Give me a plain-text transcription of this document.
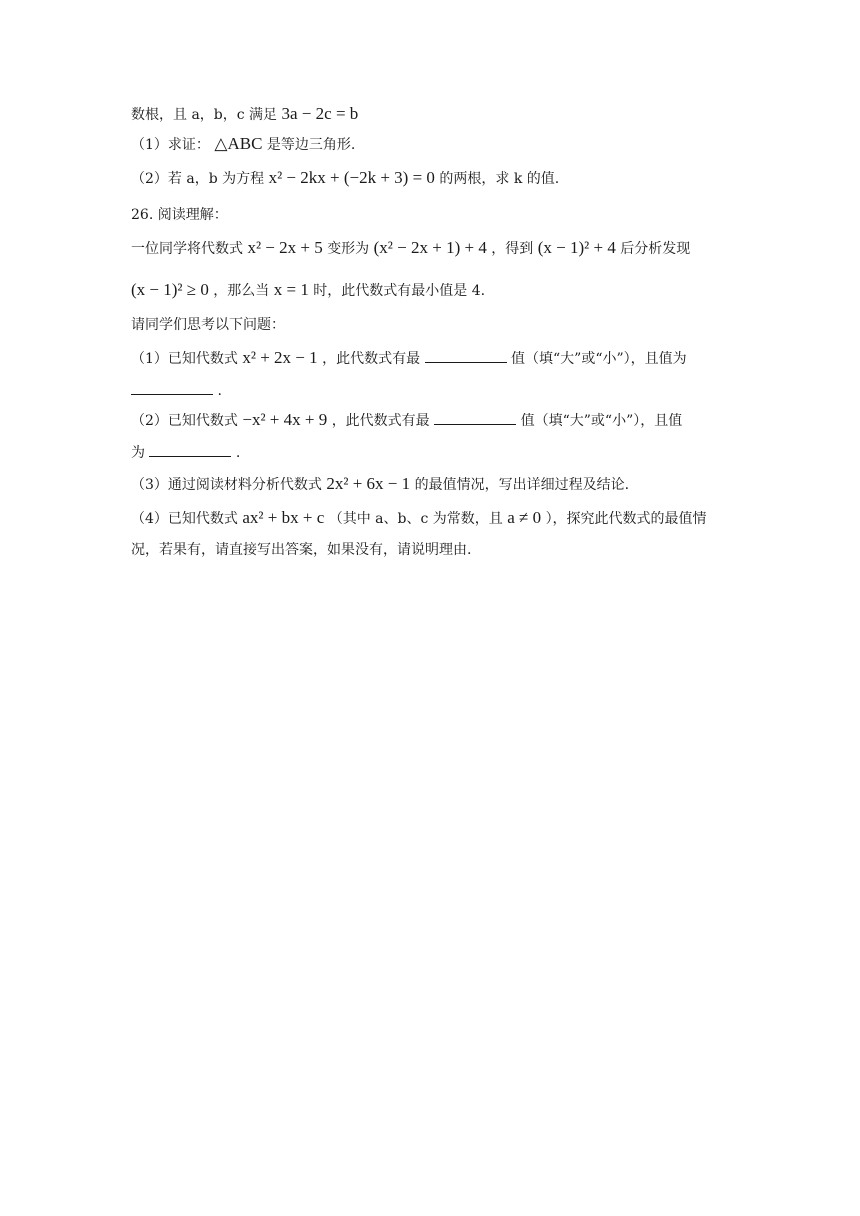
数根，且 a，b，c 满足 3a − 2c = b
（1）求证： △ABC 是等边三角形.
（2）若 a，b 为方程 x² − 2kx + (−2k + 3) = 0 的两根，求 k 的值.
26. 阅读理解：
一位同学将代数式 x² − 2x + 5 变形为 (x² − 2x + 1) + 4 ，得到 (x − 1)² + 4 后分析发现
(x − 1)² ≥ 0 ，那么当 x = 1 时，此代数式有最小值是 4.
请同学们思考以下问题：
（1）已知代数式 x² + 2x − 1 ，此代数式有最	值（填“大”或“小”），且值为
.
（2）已知代数式 −x² + 4x + 9 ，此代数式有最	值（填“大”或“小”），且值
为	.
（3）通过阅读材料分析代数式 2x² + 6x − 1 的最值情况，写出详细过程及结论.
（4）已知代数式 ax² + bx + c （其中 a、b、c 为常数，且 a ≠ 0 ），探究此代数式的最值情
况，若果有，请直接写出答案，如果没有，请说明理由.
